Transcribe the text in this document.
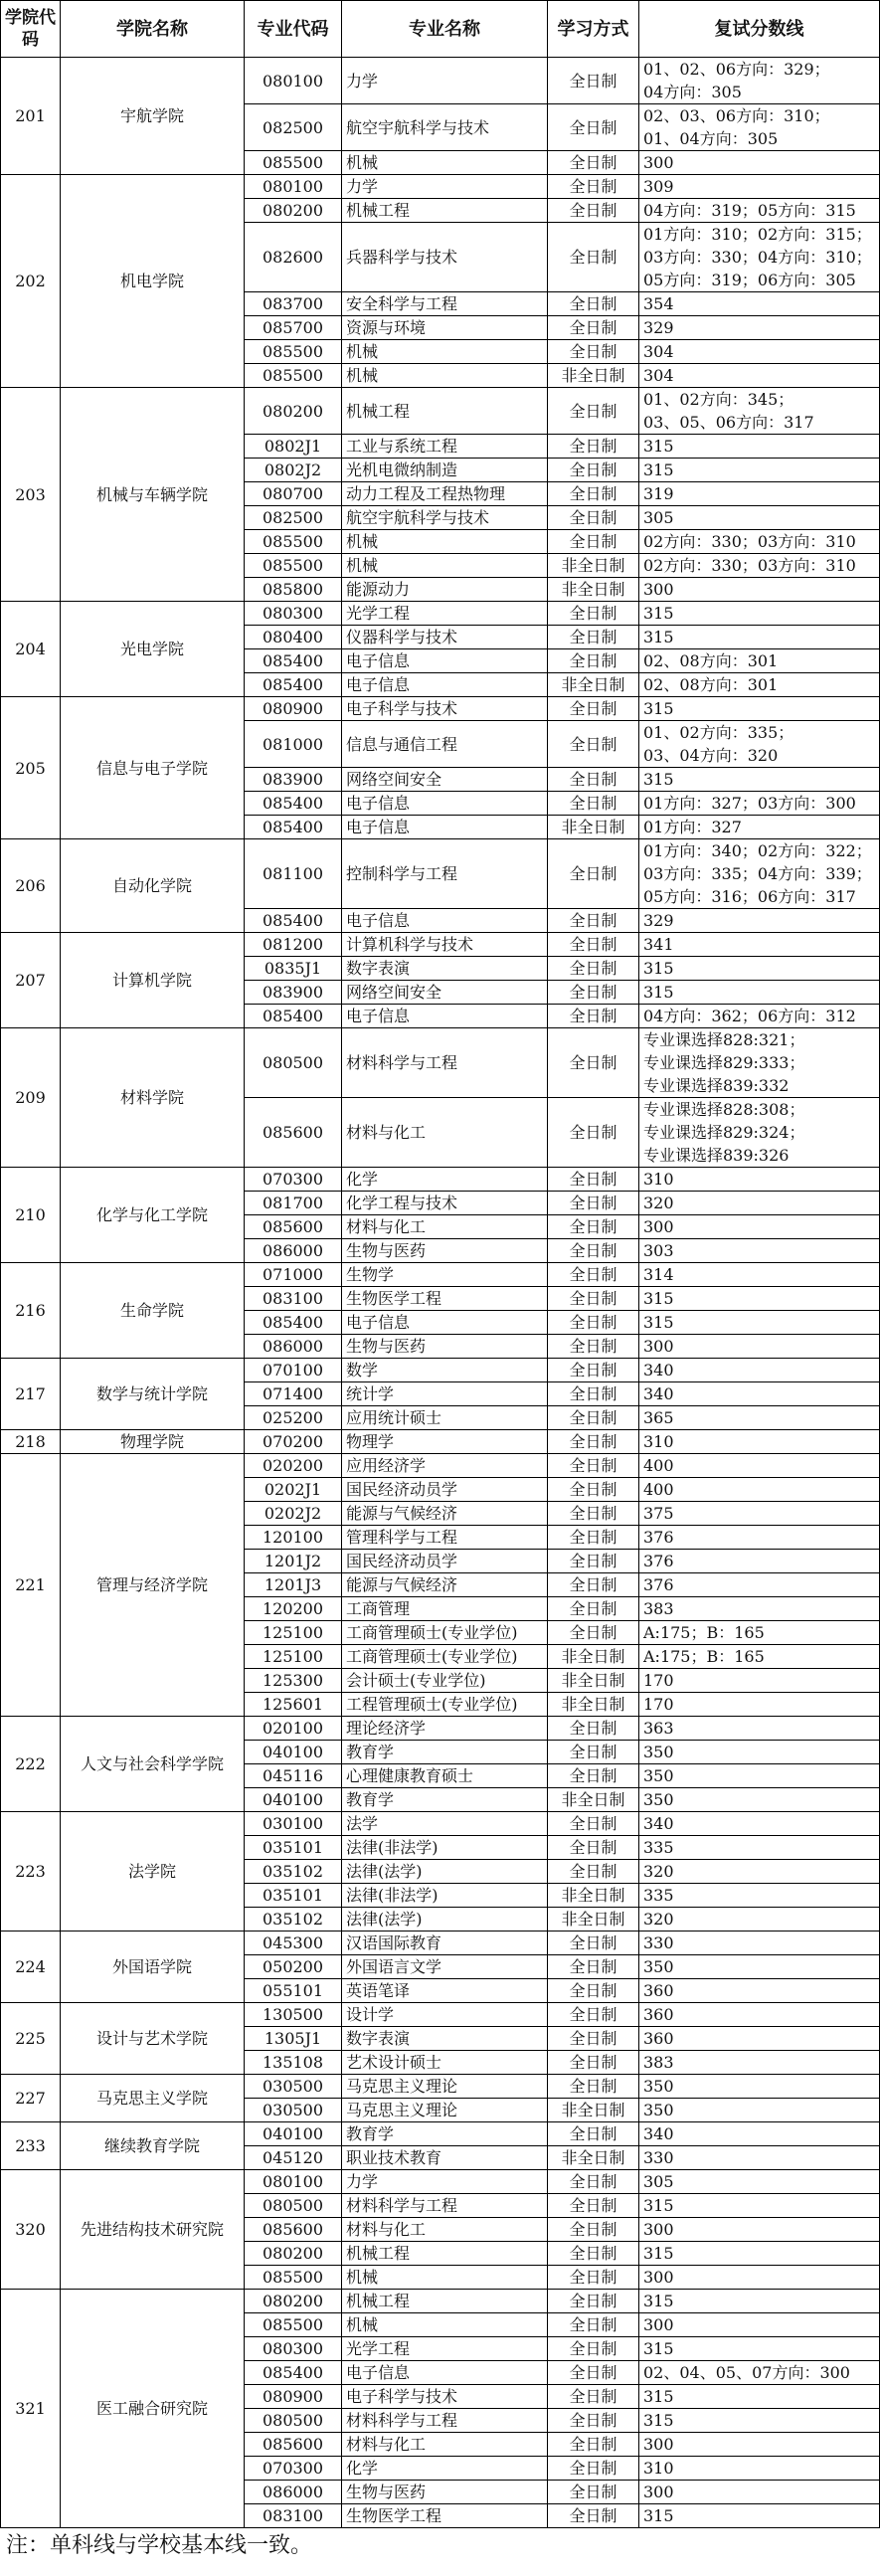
学院代码	学院名称	专业代码	专业名称	学习方式	复试分数线
201	宇航学院	080100	力学	全日制	01、02、06方向：329；
04方向：305

		082500	航空宇航科学与技术	全日制	02、03、06方向：310；
01、04方向：305

		085500	机械	全日制	300

202	机电学院	080100	力学	全日制	309

		080200	机械工程	全日制	04方向：319；05方向：315

		082600	兵器科学与技术	全日制	01方向：310；02方向：315；
03方向：330；04方向：310；
05方向：319；06方向：305

		083700	安全科学与工程	全日制	354

		085700	资源与环境	全日制	329

		085500	机械	全日制	304

		085500	机械	非全日制	304

203	机械与车辆学院	080200	机械工程	全日制	01、02方向：345；
03、05、06方向：317

		0802J1	工业与系统工程	全日制	315

		0802J2	光机电微纳制造	全日制	315

		080700	动力工程及工程热物理	全日制	319

		082500	航空宇航科学与技术	全日制	305

		085500	机械	全日制	02方向：330；03方向：310

		085500	机械	非全日制	02方向：330；03方向：310

		085800	能源动力	非全日制	300

204	光电学院	080300	光学工程	全日制	315

		080400	仪器科学与技术	全日制	315

		085400	电子信息	全日制	02、08方向：301

		085400	电子信息	非全日制	02、08方向：301

205	信息与电子学院	080900	电子科学与技术	全日制	315

		081000	信息与通信工程	全日制	01、02方向：335；
03、04方向：320

		083900	网络空间安全	全日制	315

		085400	电子信息	全日制	01方向：327；03方向：300

		085400	电子信息	非全日制	01方向：327

206	自动化学院	081100	控制科学与工程	全日制	01方向：340；02方向：322；
03方向：335；04方向：339；
05方向：316；06方向：317

		085400	电子信息	全日制	329

207	计算机学院	081200	计算机科学与技术	全日制	341

		0835J1	数字表演	全日制	315

		083900	网络空间安全	全日制	315

		085400	电子信息	全日制	04方向：362；06方向：312

209	材料学院	080500	材料科学与工程	全日制	专业课选择828:321；
专业课选择829:333；
专业课选择839:332

		085600	材料与化工	全日制	专业课选择828:308；
专业课选择829:324；
专业课选择839:326

210	化学与化工学院	070300	化学	全日制	310

		081700	化学工程与技术	全日制	320

		085600	材料与化工	全日制	300

		086000	生物与医药	全日制	303

216	生命学院	071000	生物学	全日制	314

		083100	生物医学工程	全日制	315

		085400	电子信息	全日制	315

		086000	生物与医药	全日制	300

217	数学与统计学院	070100	数学	全日制	340

		071400	统计学	全日制	340

		025200	应用统计硕士	全日制	365

218	物理学院	070200	物理学	全日制	310

221	管理与经济学院	020200	应用经济学	全日制	400

		0202J1	国民经济动员学	全日制	400

		0202J2	能源与气候经济	全日制	375

		120100	管理科学与工程	全日制	376

		1201J2	国民经济动员学	全日制	376

		1201J3	能源与气候经济	全日制	376

		120200	工商管理	全日制	383

		125100	工商管理硕士(专业学位)	全日制	A:175；B：165

		125100	工商管理硕士(专业学位)	非全日制	A:175；B：165

		125300	会计硕士(专业学位)	非全日制	170

		125601	工程管理硕士(专业学位)	非全日制	170

222	人文与社会科学学院	020100	理论经济学	全日制	363

		040100	教育学	全日制	350

		045116	心理健康教育硕士	全日制	350

		040100	教育学	非全日制	350

223	法学院	030100	法学	全日制	340

		035101	法律(非法学)	全日制	335

		035102	法律(法学)	全日制	320

		035101	法律(非法学)	非全日制	335

		035102	法律(法学)	非全日制	320

224	外国语学院	045300	汉语国际教育	全日制	330

		050200	外国语言文学	全日制	350

		055101	英语笔译	全日制	360

225	设计与艺术学院	130500	设计学	全日制	360

		1305J1	数字表演	全日制	360

		135108	艺术设计硕士	全日制	383

227	马克思主义学院	030500	马克思主义理论	全日制	350

		030500	马克思主义理论	非全日制	350

233	继续教育学院	040100	教育学	全日制	340

		045120	职业技术教育	非全日制	330

320	先进结构技术研究院	080100	力学	全日制	305

		080500	材料科学与工程	全日制	315

		085600	材料与化工	全日制	300

		080200	机械工程	全日制	315

		085500	机械	全日制	300

321	医工融合研究院	080200	机械工程	全日制	315

		085500	机械	全日制	300

		080300	光学工程	全日制	315

		085400	电子信息	全日制	02、04、05、07方向：300

		080900	电子科学与技术	全日制	315

		080500	材料科学与工程	全日制	315

		085600	材料与化工	全日制	300

		070300	化学	全日制	310

		086000	生物与医药	全日制	300

		083100	生物医学工程	全日制	315
注：单科线与学校基本线一致。
